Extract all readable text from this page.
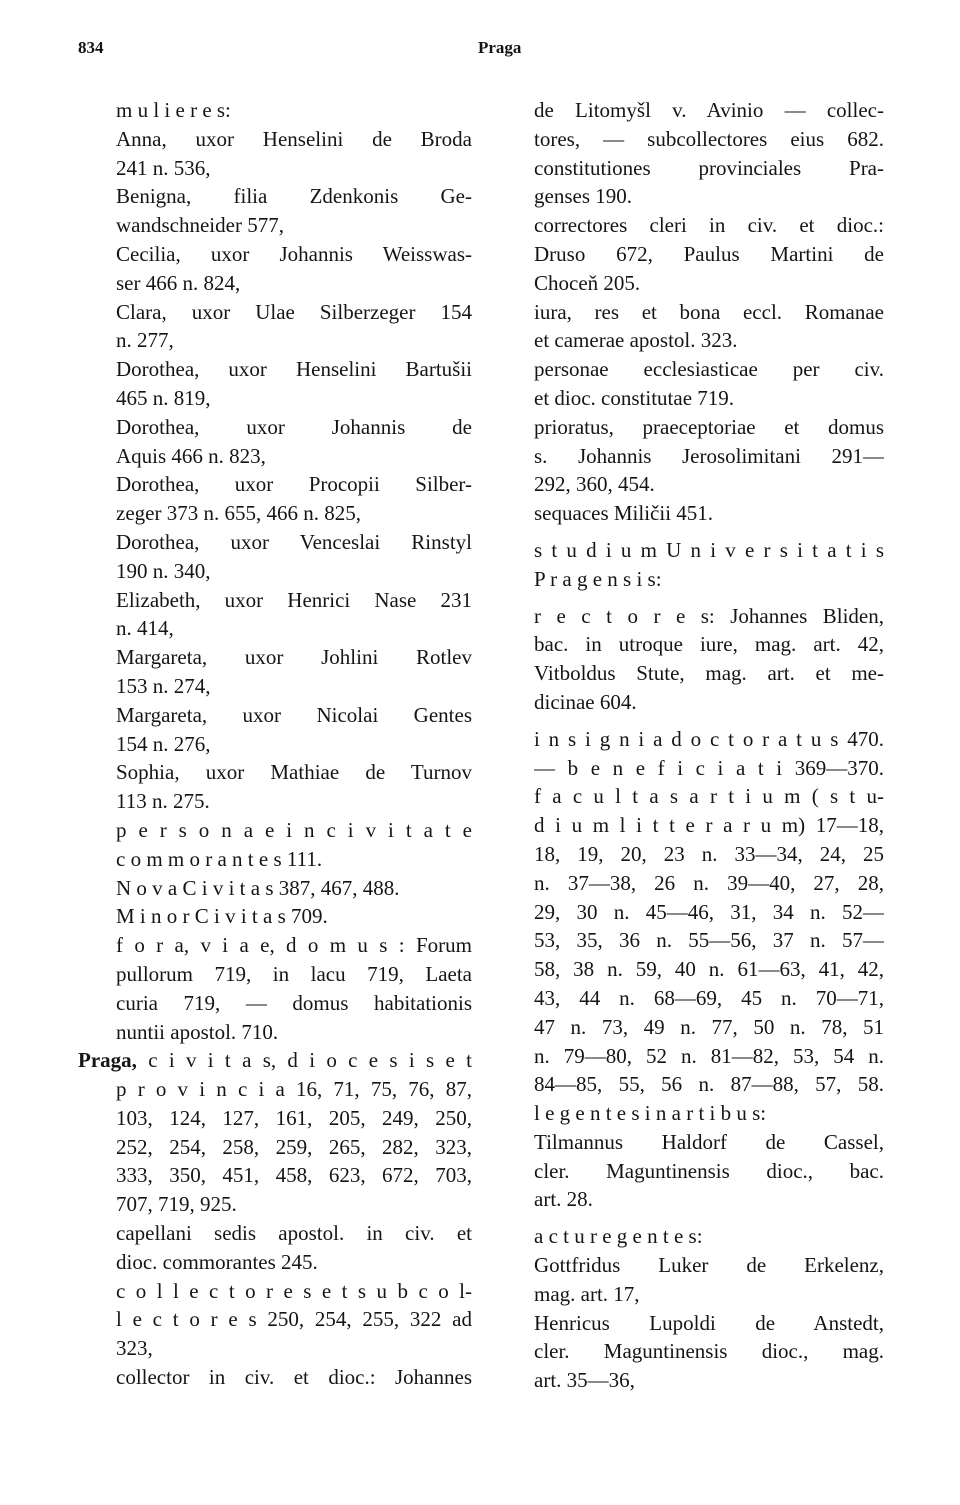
834	Praga
m u l i e r e s:
Anna, uxor Henselini de Broda
241 n. 536,
Benigna, filia Zdenkonis Ge-
wandschneider 577,
Cecilia, uxor Johannis Weisswas-
ser 466 n. 824,
Clara, uxor Ulae Silberzeger 154
n. 277,
Dorothea, uxor Henselini Bartušii
465 n. 819,
Dorothea, uxor Johannis de
Aquis 466 n. 823,
Dorothea, uxor Procopii Silber-
zeger 373 n. 655, 466 n. 825,
Dorothea, uxor Venceslai Rinstyl
190 n. 340,
Elizabeth, uxor Henrici Nase 231
n. 414,
Margareta, uxor Johlini Rotlev
153 n. 274,
Margareta, uxor Nicolai Gentes
154 n. 276,
Sophia, uxor Mathiae de Turnov
113 n. 275.
p e r s o n a e i n c i v i t a t e
c o m m o r a n t e s 111.
N o v a C i v i t a s 387, 467, 488.
M i n o r C i v i t a s 709.
f o r a, v i a e, d o m u s : Forum
pullorum 719, in lacu 719, Laeta
curia 719, — domus habitationis
nuntii apostol. 710.
Praga, c i v i t a s, d i o c e s i s e t
p r o v i n c i a 16, 71, 75, 76, 87,
103, 124, 127, 161, 205, 249, 250,
252, 254, 258, 259, 265, 282, 323,
333, 350, 451, 458, 623, 672, 703,
707, 719, 925.
capellani sedis apostol. in civ. et
dioc. commorantes 245.
c o l l e c t o r e s e t s u b c o l-
l e c t o r e s 250, 254, 255, 322 ad
323,
collector in civ. et dioc.: Johannes
de Litomyšl v. Avinio — collec-
tores, — subcollectores eius 682.
constitutiones provinciales Pra-
genses 190.
correctores cleri in civ. et dioc.:
Druso 672, Paulus Martini de
Choceň 205.
iura, res et bona eccl. Romanae
et camerae apostol. 323.
personae ecclesiasticae per civ.
et dioc. constitutae 719.
prioratus, praeceptoriae et domus
s. Johannis Jerosolimitani 291—
292, 360, 454.
sequaces Miličii 451.
s t u d i u m U n i v e r s i t a t i s
P r a g e n s i s:
r e c t o r e s: Johannes Bliden,
bac. in utroque iure, mag. art. 42,
Vitboldus Stute, mag. art. et me-
dicinae 604.
i n s i g n i a d o c t o r a t u s 470.
— b e n e f i c i a t i 369—370.
f a c u l t a s a r t i u m ( s t u-
d i u m l i t t e r a r u m) 17—18,
18, 19, 20, 23 n. 33—34, 24, 25
n. 37—38, 26 n. 39—40, 27, 28,
29, 30 n. 45—46, 31, 34 n. 52—
53, 35, 36 n. 55—56, 37 n. 57—
58, 38 n. 59, 40 n. 61—63, 41, 42,
43, 44 n. 68—69, 45 n. 70—71,
47 n. 73, 49 n. 77, 50 n. 78, 51
n. 79—80, 52 n. 81—82, 53, 54 n.
84—85, 55, 56 n. 87—88, 57, 58.
l e g e n t e s i n a r t i b u s:
Tilmannus Haldorf de Cassel,
cler. Maguntinensis dioc., bac.
art. 28.
a c t u r e g e n t e s:
Gottfridus Luker de Erkelenz,
mag. art. 17,
Henricus Lupoldi de Anstedt,
cler. Maguntinensis dioc., mag.
art. 35—36,
